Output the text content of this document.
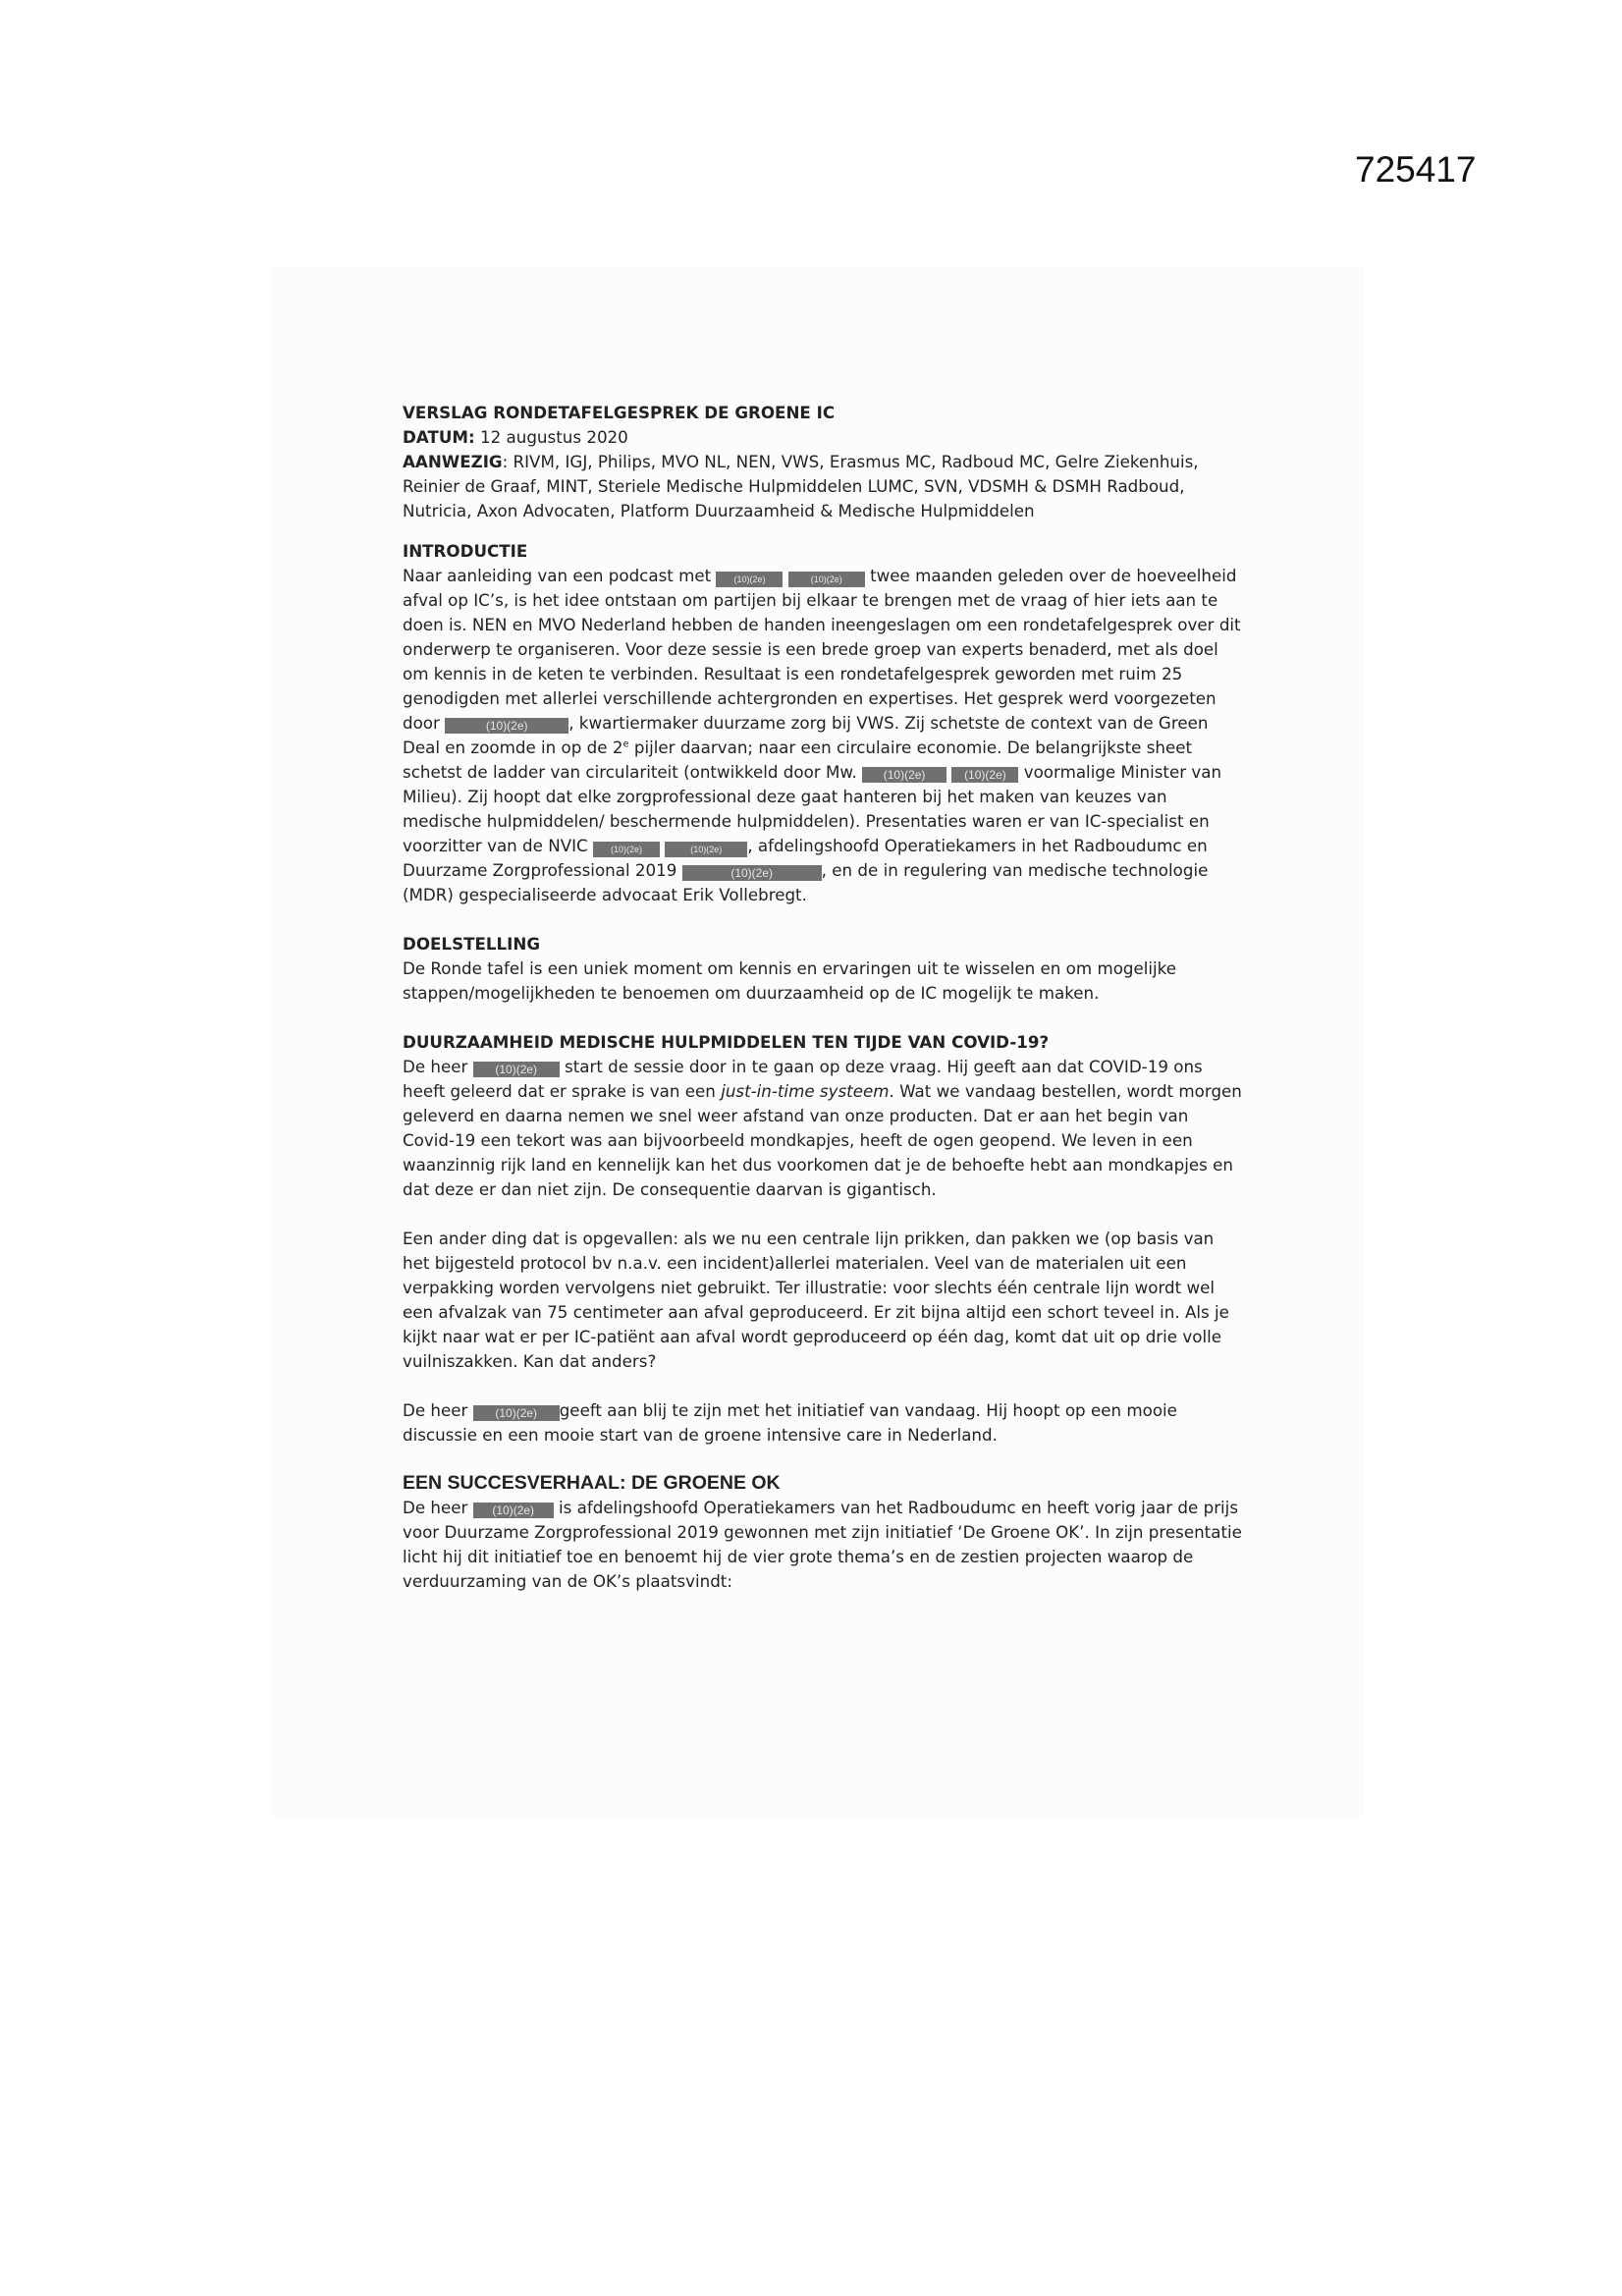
725417
VERSLAG RONDETAFELGESPREK DE GROENE IC

DATUM: 12 augustus 2020

AANWEZIG: RIVM, IGJ, Philips, MVO NL, NEN, VWS, Erasmus MC, Radboud MC, Gelre Ziekenhuis, Reinier de Graaf, MINT, Steriele Medische Hulpmiddelen LUMC, SVN, VDSMH & DSMH Radboud, Nutricia, Axon Advocaten, Platform Duurzaamheid & Medische Hulpmiddelen

INTRODUCTIE

Naar aanleiding van een podcast met (10)(2e)	(10)(2e) twee maanden geleden over de hoeveelheid afval op IC’s, is het idee ontstaan om partijen bij elkaar te brengen met de vraag of hier iets aan te doen is. NEN en MVO Nederland hebben de handen ineengeslagen om een rondetafelgesprek over dit onderwerp te organiseren. Voor deze sessie is een brede groep van experts benaderd, met als doel om kennis in de keten te verbinden. Resultaat is een rondetafelgesprek geworden met ruim 25 genodigden met allerlei verschillende achtergronden en expertises. Het gesprek werd voorgezeten door	(10)(2e) , kwartiermaker duurzame zorg bij VWS. Zij schetste de context van de Green Deal en zoomde in op de 2e pijler daarvan; naar een circulaire economie. De belangrijkste sheet schetst de ladder van circulariteit (ontwikkeld door Mw. (10)(2e)	(10)(2e) voormalige Minister van Milieu). Zij hoopt dat elke zorgprofessional deze gaat hanteren bij het maken van keuzes van medische hulpmiddelen/ beschermende hulpmiddelen). Presentaties waren er van IC-specialist en voorzitter van de NVIC (10)(2e)	(10)(2e) , afdelingshoofd Operatiekamers in het Radboudumc en Duurzame Zorgprofessional 2019	(10)(2e)	, en de in regulering van medische technologie (MDR) gespecialiseerde advocaat Erik Vollebregt.

DOELSTELLING

De Ronde tafel is een uniek moment om kennis en ervaringen uit te wisselen en om mogelijke stappen/mogelijkheden te benoemen om duurzaamheid op de IC mogelijk te maken.

DUURZAAMHEID MEDISCHE HULPMIDDELEN TEN TIJDE VAN COVID-19?

De heer (10)(2e) start de sessie door in te gaan op deze vraag. Hij geeft aan dat COVID-19 ons heeft geleerd dat er sprake is van een just-in-time systeem. Wat we vandaag bestellen, wordt morgen geleverd en daarna nemen we snel weer afstand van onze producten. Dat er aan het begin van Covid-19 een tekort was aan bijvoorbeeld mondkapjes, heeft de ogen geopend. We leven in een waanzinnig rijk land en kennelijk kan het dus voorkomen dat je de behoefte hebt aan mondkapjes en dat deze er dan niet zijn. De consequentie daarvan is gigantisch.

Een ander ding dat is opgevallen: als we nu een centrale lijn prikken, dan pakken we (op basis van het bijgesteld protocol bv n.a.v. een incident)allerlei materialen. Veel van de materialen uit een verpakking worden vervolgens niet gebruikt. Ter illustratie: voor slechts één centrale lijn wordt wel een afvalzak van 75 centimeter aan afval geproduceerd. Er zit bijna altijd een schort teveel in. Als je kijkt naar wat er per IC-patiënt aan afval wordt geproduceerd op één dag, komt dat uit op drie volle vuilniszakken. Kan dat anders?

De heer (10)(2e) geeft aan blij te zijn met het initiatief van vandaag. Hij hoopt op een mooie discussie en een mooie start van de groene intensive care in Nederland.

EEN SUCCESVERHAAL: DE GROENE OK

De heer (10)(2e) is afdelingshoofd Operatiekamers van het Radboudumc en heeft vorig jaar de prijs voor Duurzame Zorgprofessional 2019 gewonnen met zijn initiatief ‘De Groene OK’. In zijn presentatie licht hij dit initiatief toe en benoemt hij de vier grote thema’s en de zestien projecten waarop de verduurzaming van de OK’s plaatsvindt:
